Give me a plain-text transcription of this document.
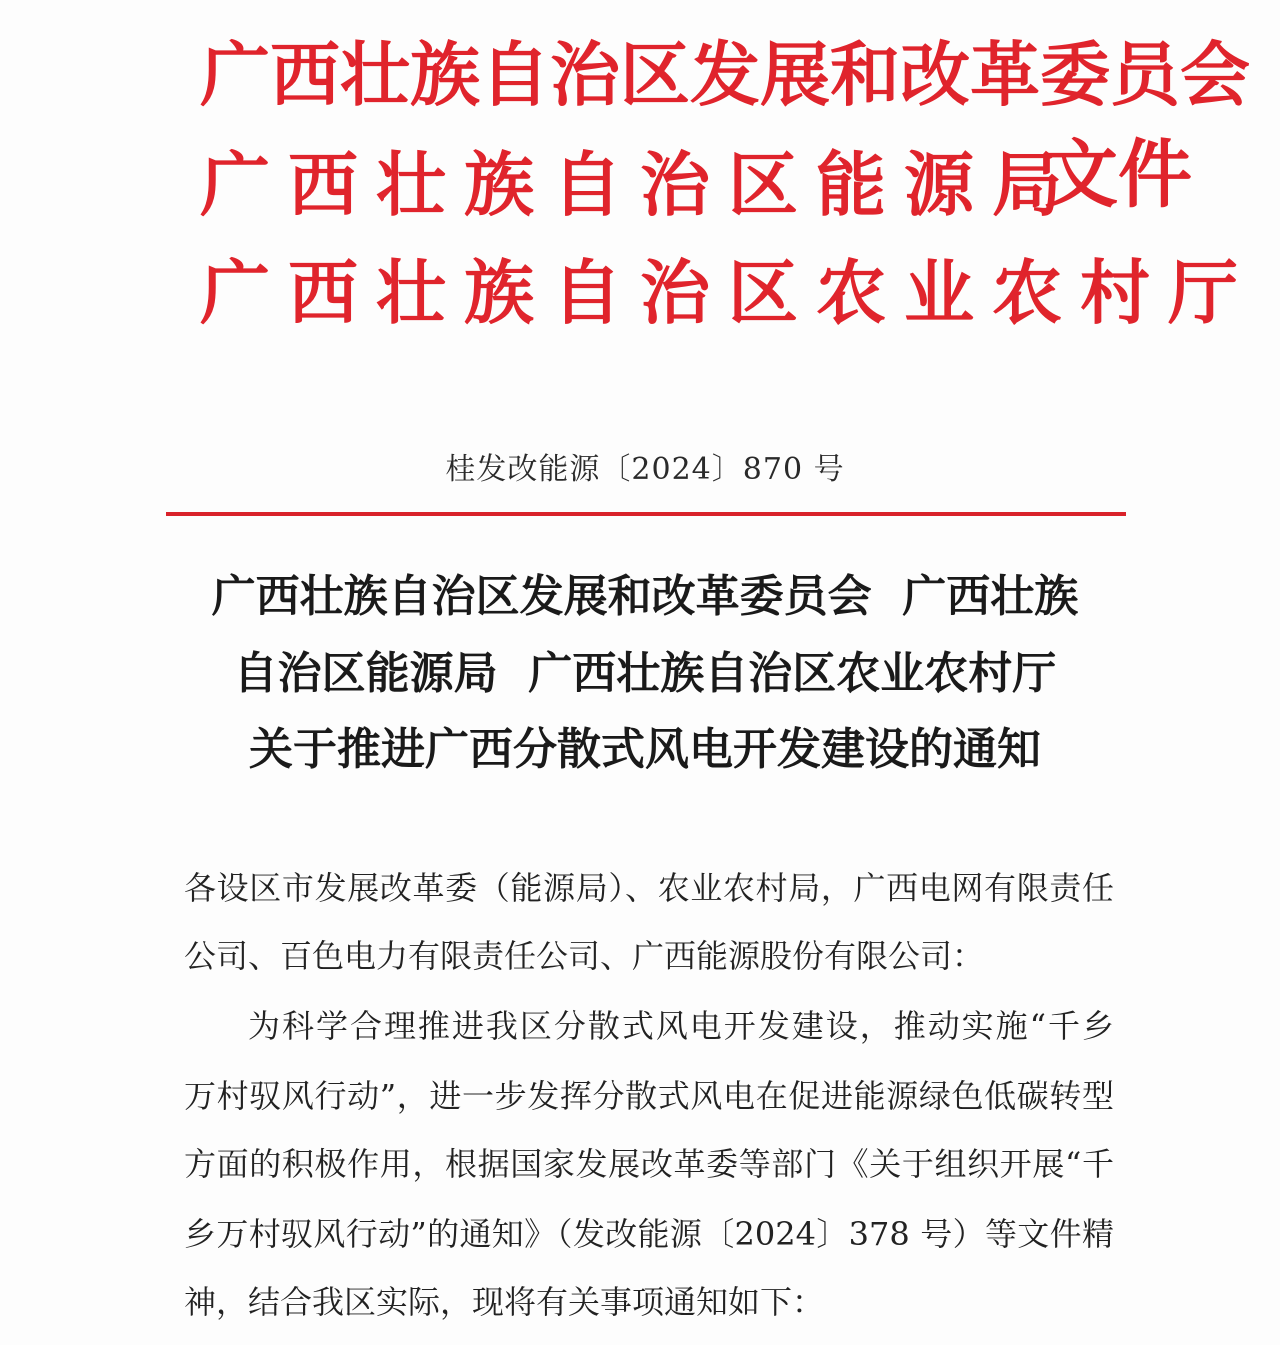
广西壮族自治区发展和改革委员会
广西壮族自治区能源局
广西壮族自治区农业农村厅
文件
桂发改能源〔2024〕870 号
广西壮族自治区发展和改革委员会  广西壮族
自治区能源局  广西壮族自治区农业农村厅
关于推进广西分散式风电开发建设的通知
各设区市发展改革委（能源局）、农业农村局，广西电网有限责任
公司、百色电力有限责任公司、广西能源股份有限公司：
为科学合理推进我区分散式风电开发建设，推动实施“千乡
万村驭风行动”，进一步发挥分散式风电在促进能源绿色低碳转型
方面的积极作用，根据国家发展改革委等部门《关于组织开展“千
乡万村驭风行动”的通知》（发改能源〔2024〕378 号）等文件精
神，结合我区实际，现将有关事项通知如下：
